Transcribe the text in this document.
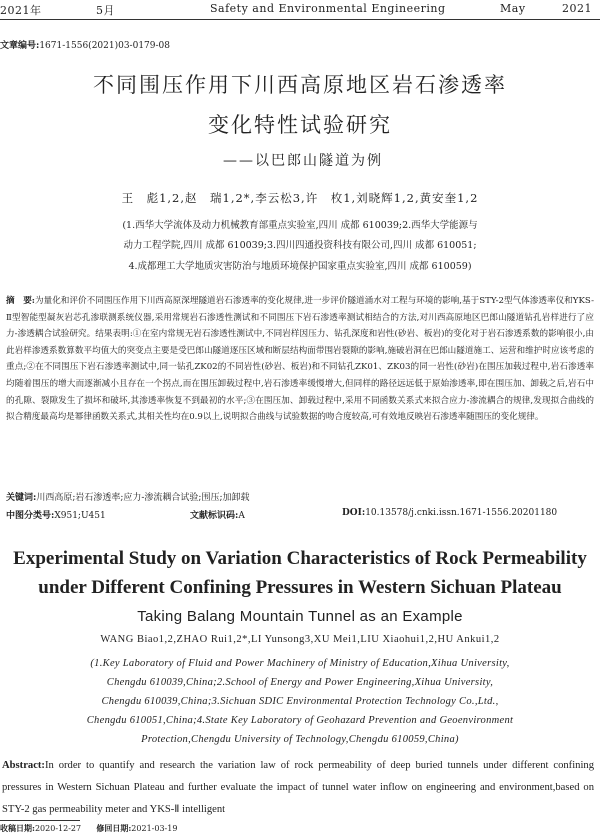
2021年	5月	Safety and Environmental Engineering	May	2021
文章编号:1671-1556(2021)03-0179-08
不同围压作用下川西高原地区岩石渗透率
变化特性试验研究
——以巴郎山隧道为例
王　彪1,2,赵　瑞1,2*,李云松3,许　枚1,刘晓辉1,2,黄安奎1,2
(1.西华大学流体及动力机械教育部重点实验室,四川 成都 610039;2.西华大学能源与
动力工程学院,四川 成都 610039;3.四川四通投资科技有限公司,四川 成都 610051;
4.成都理工大学地质灾害防治与地质环境保护国家重点实验室,四川 成都 610059)
摘　要:为量化和评价不同围压作用下川西高原深埋隧道岩石渗透率的变化规律,进一步评价隧道涌水对工程与环境的影响,基于STY-2型气体渗透率仪和YKS-Ⅱ型智能型凝灰岩芯孔渗联测系统仪器,采用常规岩石渗透性测试和不同围压下岩石渗透率测试相结合的方法,对川西高原地区巴郎山隧道钻孔岩样进行了应力-渗透耦合试验研究。结果表明:①在室内常规无岩石渗透性测试中,不同岩样因压力、钻孔深度和岩性(砂岩、板岩)的变化对于岩石渗透系数的影响很小,由此岩样渗透系数算数平均值大的突变点主要是受巴郎山隧道逐压区域和断层结构面带围岩裂隙的影响,施破岩洞在巴郎山隧道施工、运营和维护时应该考虑的重点;②在不同围压下岩石渗透率测试中,同一钻孔ZK02的不同岩性(砂岩、板岩)和不同钻孔ZK01、ZK03的同一岩性(砂岩)在围压加载过程中,岩石渗透率均随着围压的增大而逐渐减小且存在一个拐点,而在围压卸载过程中,岩石渗透率缓慢增大,但同样的路径远远低于原始渗透率,即在围压加、卸载之后,岩石中的孔隙、裂隙发生了损坏和破坏,其渗透率恢复不到最初的水平;③在围压加、卸载过程中,采用不同函数关系式来拟合应力-渗流耦合的规律,发现拟合曲线的拟合精度最高均是幂律函数关系式,其相关性均在0.9以上,说明拟合曲线与试验数据的吻合度较高,可有效地反映岩石渗透率随围压的变化规律。
关键词:川西高原;岩石渗透率;应力-渗流耦合试验;围压;加卸载
中图分类号:X951;U451	文献标识码:A	DOI:10.13578/j.cnki.issn.1671-1556.20201180
Experimental Study on Variation Characteristics of Rock Permeability
under Different Confining Pressures in Western Sichuan Plateau
Taking Balang Mountain Tunnel as an Example
WANG Biao1,2,ZHAO Rui1,2*,LI Yunsong3,XU Mei1,LIU Xiaohui1,2,HU Ankui1,2
(1.Key Laboratory of Fluid and Power Machinery of Ministry of Education,Xihua University,
Chengdu 610039,China;2.School of Energy and Power Engineering,Xihua University,
Chengdu 610039,China;3.Sichuan SDIC Environmental Protection Technology Co.,Ltd.,
Chengdu 610051,China;4.State Key Laboratory of Geohazard Prevention and Geoenvironment
Protection,Chengdu University of Technology,Chengdu 610059,China)
Abstract:In order to quantify and research the variation law of rock permeability of deep buried tunnels under different confining pressures in Western Sichuan Plateau and further evaluate the impact of tunnel water inflow on engineering and environment,based on STY-2 gas permeability meter and YKS-Ⅱ intelligent
收稿日期:2020-12-27 修回日期:2021-03-19
